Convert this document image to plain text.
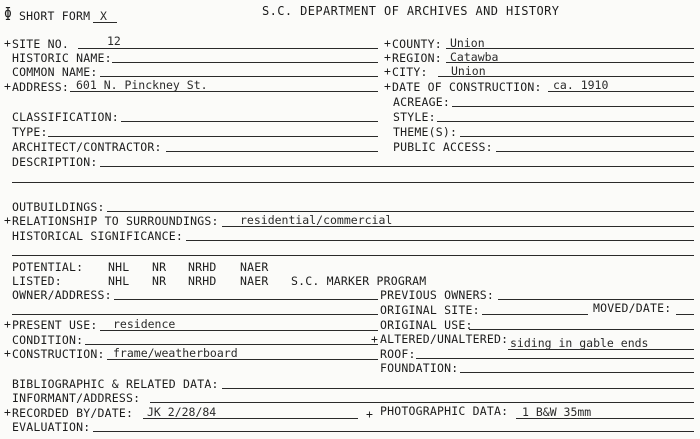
ɸ SHORT FORM X	S.C. DEPARTMENT OF ARCHIVES AND HISTORY
+ SITE NO.	12
HISTORIC NAME:
COMMON NAME:
+ ADDRESS: 601 N. Pinckney St.
CLASSIFICATION:
TYPE:
ARCHITECT/CONTRACTOR:
DESCRIPTION:
OUTBUILDINGS:
+ RELATIONSHIP TO SURROUNDINGS: residential/commercial
HISTORICAL SIGNIFICANCE:
POTENTIAL: NHL NR NRHD NAER
LISTED:	NHL NR NRHD NAER S.C. MARKER PROGRAM
OWNER/ADDRESS:
+ PRESENT USE: residence
CONDITION:
+ CONSTRUCTION: frame/weatherboard
BIBLIOGRAPHIC & RELATED DATA:
INFORMANT/ADDRESS:
+ RECORDED BY/DATE: JK 2/28/84
EVALUATION:
+ COUNTY: Union
+ REGION: Catawba
+ CITY: Union
+ DATE OF CONSTRUCTION: ca. 1910
ACREAGE:
STYLE:
THEME(S):
PUBLIC ACCESS:
PREVIOUS OWNERS:
ORIGINAL SITE:	MOVED/DATE:
ORIGINAL USE:
+ ALTERED/UNALTERED: siding in gable ends
ROOF:
FOUNDATION:
+ PHOTOGRAPHIC DATA: 1 B&W 35mm
